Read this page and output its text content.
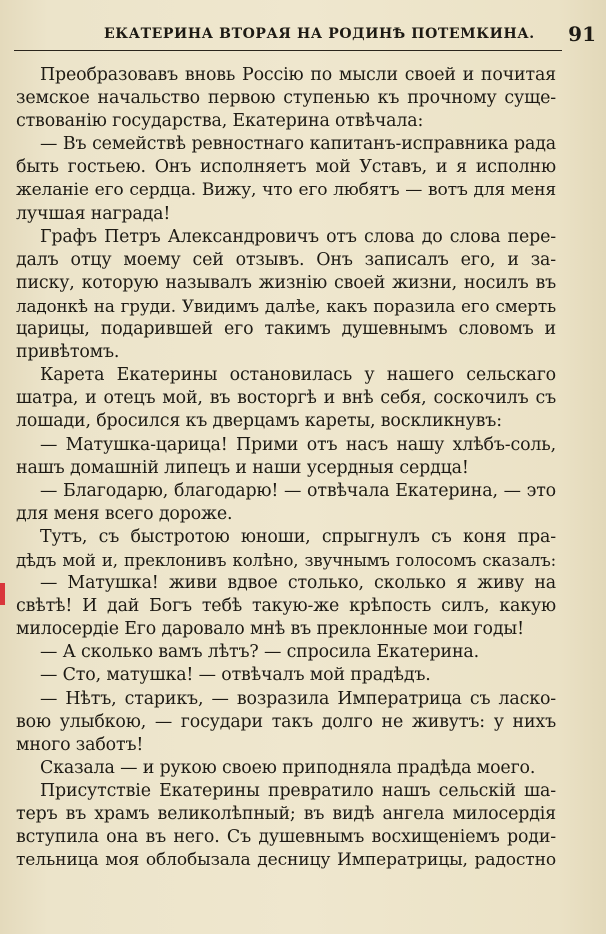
ЕКАТЕРИНА ВТОРАЯ НА РОДИНѢ ПОТЕМКИНА. 91
Преобразовавъ вновь Россію по мысли своей и почитая
земское начальство первою ступенью къ прочному суще-
ствованію государства, Екатерина отвѣчала:
— Въ семействѣ ревностнаго капитанъ-исправника рада
быть гостьею. Онъ исполняетъ мой Уставъ, и я исполню
желаніе его сердца. Вижу, что его любятъ — вотъ для меня
лучшая награда!
Графъ Петръ Александровичъ отъ слова до слова пере-
далъ отцу моему сей отзывъ. Онъ записалъ его, и за-
писку, которую называлъ жизнію своей жизни, носилъ въ
ладонкѣ на груди. Увидимъ далѣе, какъ поразила его смерть
царицы, подарившей его такимъ душевнымъ словомъ и
привѣтомъ.
Карета Екатерины остановилась у нашего сельскаго
шатра, и отецъ мой, въ восторгѣ и внѣ себя, соскочилъ съ
лошади, бросился къ дверцамъ кареты, воскликнувъ:
— Матушка-царица! Прими отъ насъ нашу хлѣбъ-соль,
нашъ домашній липецъ и наши усердныя сердца!
— Благодарю, благодарю! — отвѣчала Екатерина, — это
для меня всего дороже.
Тутъ, съ быстротою юноши, спрыгнулъ съ коня пра-
дѣдъ мой и, преклонивъ колѣно, звучнымъ голосомъ сказалъ:
— Матушка! живи вдвое столько, сколько я живу на
свѣтѣ! И дай Богъ тебѣ такую-же крѣпость силъ, какую
милосердіе Его даровало мнѣ въ преклонные мои годы!
— А сколько вамъ лѣтъ? — спросила Екатерина.
— Сто, матушка! — отвѣчалъ мой прадѣдъ.
— Нѣтъ, старикъ, — возразила Императрица съ ласко-
вою улыбкою, — государи такъ долго не живутъ: у нихъ
много заботъ!
Сказала — и рукою своею приподняла прадѣда моего.
Присутствіе Екатерины превратило нашъ сельскій ша-
теръ въ храмъ великолѣпный; въ видѣ ангела милосердія
вступила она въ него. Съ душевнымъ восхищеніемъ роди-
тельница моя облобызала десницу Императрицы, радостно
